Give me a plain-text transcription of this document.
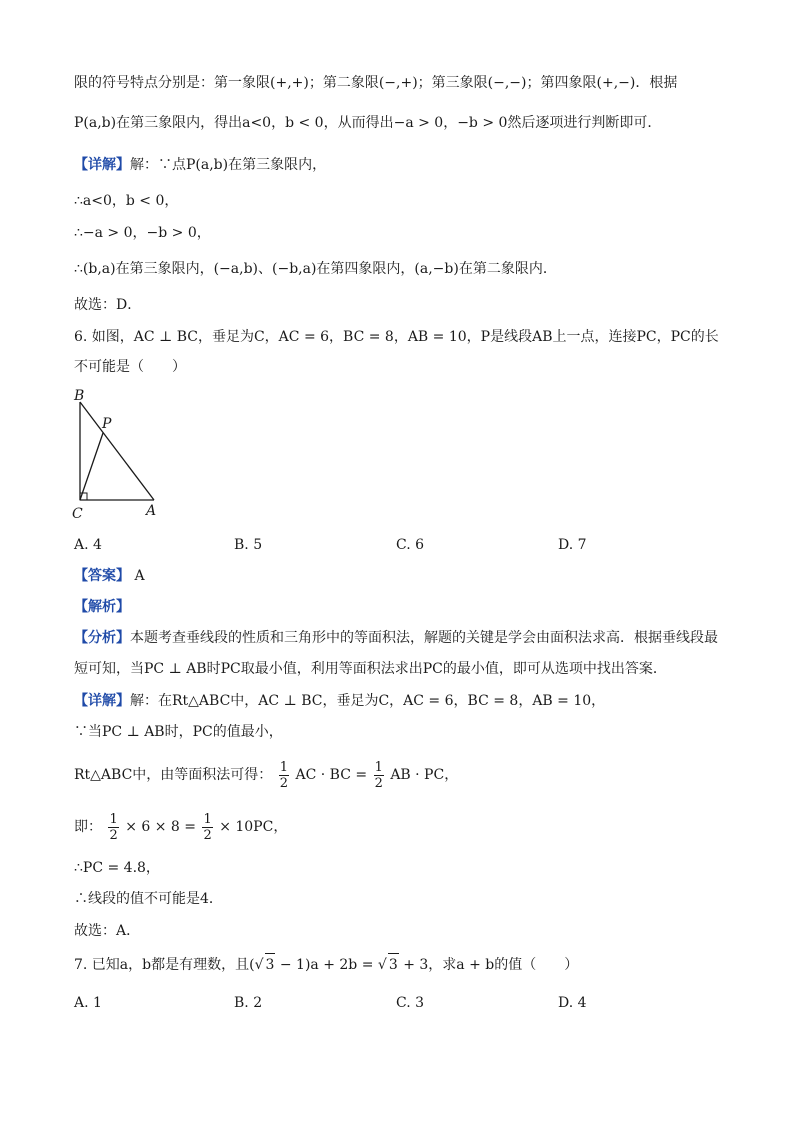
限的符号特点分别是：第一象限(+,+)；第二象限(−,+)；第三象限(−,−)；第四象限(+,−)．根据
P(a,b)在第三象限内，得出a<0，b < 0，从而得出−a > 0，−b > 0然后逐项进行判断即可．
【详解】解：∵点P(a,b)在第三象限内，
∴a<0，b < 0，
∴−a > 0，−b > 0，
∴(b,a)在第三象限内，(−a,b)、(−b,a)在第四象限内，(a,−b)在第二象限内．
故选：D．
6. 如图，AC ⊥ BC，垂足为C，AC = 6，BC = 8，AB = 10，P是线段AB上一点，连接PC，PC的长
不可能是（　　）
B
P
C	A
A. 4	B. 5	C. 6	D. 7
【答案】 A
【解析】
【分析】本题考查垂线段的性质和三角形中的等面积法，解题的关键是学会由面积法求高．根据垂线段最
短可知，当PC ⊥ AB时PC取最小值，利用等面积法求出PC的最小值，即可从选项中找出答案．
【详解】解：在Rt△ABC中，AC ⊥ BC，垂足为C，AC = 6，BC = 8，AB = 10，
∵当PC ⊥ AB时，PC的值最小，
Rt△ABC中，由等面积法可得： $\frac{1}{2}$ AC · BC = $\frac{1}{2}$ AB · PC，
即： $\frac{1}{2} \times 6 \times 8 = \frac{1}{2} \times 10PC$，
∴PC = 4.8，
∴线段的值不可能是4．
故选：A．
7. 已知a，b都是有理数，且(√ 3 − 1)a + 2b = √ 3 + 3，求a + b的值（　　）
A. 1	B. 2	C. 3	D. 4
